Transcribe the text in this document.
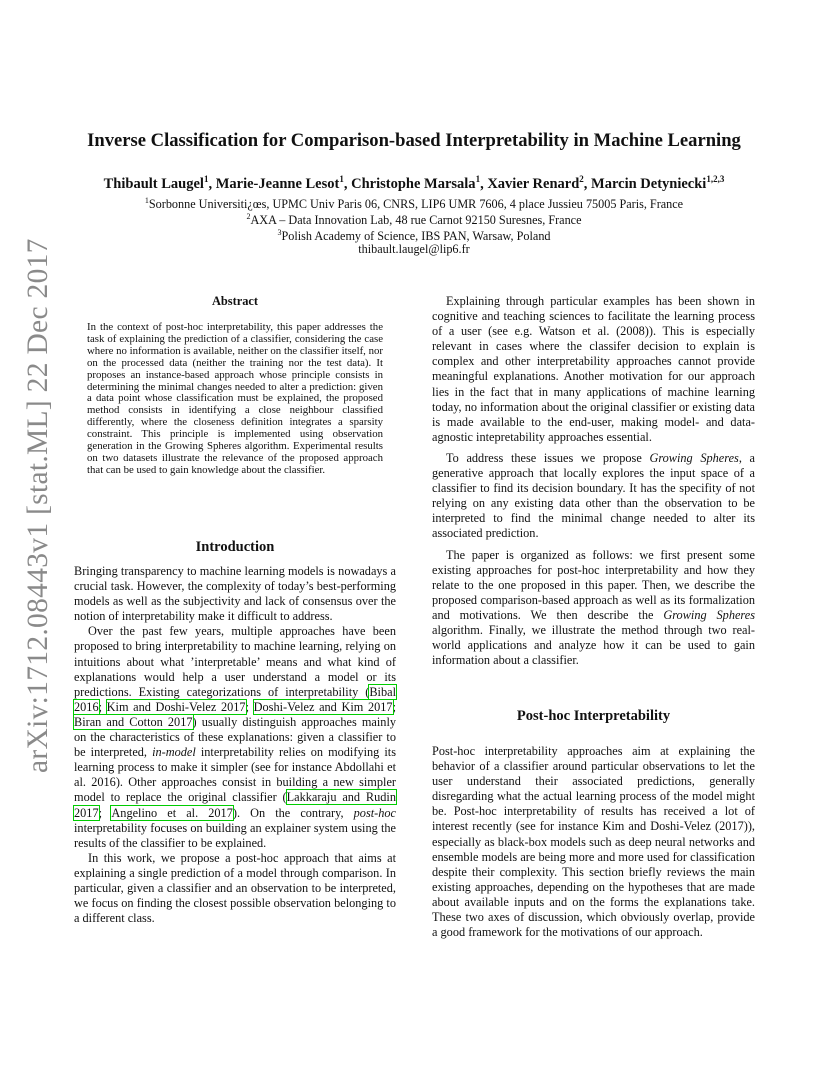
arXiv:1712.08443v1 [stat.ML] 22 Dec 2017
Inverse Classification for Comparison-based Interpretability in Machine Learning
Thibault Laugel$^1$, Marie-Jeanne Lesot$^1$, Christophe Marsala$^1$, Xavier Renard$^2$, Marcin Detyniecki$^{1,2,3}$
$^1$Sorbonne Universiti¿œs, UPMC Univ Paris 06, CNRS, LIP6 UMR 7606, 4 place Jussieu 75005 Paris, France
$^2$AXA – Data Innovation Lab, 48 rue Carnot 92150 Suresnes, France
$^3$Polish Academy of Science, IBS PAN, Warsaw, Poland
thibault.laugel@lip6.fr
Abstract

In the context of post-hoc interpretability, this paper addresses the task of explaining the prediction of a classifier, considering the case where no information is available, neither on the classifier itself, nor on the processed data (neither the training nor the test data). It proposes an instance-based approach whose principle consists in determining the minimal changes needed to alter a prediction: given a data point whose classification must be explained, the proposed method consists in identifying a close neighbour classified differently, where the closeness definition integrates a sparsity constraint. This principle is implemented using observation generation in the Growing Spheres algorithm. Experimental results on two datasets illustrate the relevance of the proposed approach that can be used to gain knowledge about the classifier.

Introduction

Bringing transparency to machine learning models is nowadays a crucial task. However, the complexity of today’s best-performing models as well as the subjectivity and lack of consensus over the notion of interpretability make it difficult to address.

Over the past few years, multiple approaches have been proposed to bring interpretability to machine learning, relying on intuitions about what ’interpretable’ means and what kind of explanations would help a user understand a model or its predictions. Existing categorizations of interpretability (Bibal 2016; Kim and Doshi-Velez 2017; Doshi-Velez and Kim 2017; Biran and Cotton 2017) usually distinguish approaches mainly on the characteristics of these explanations: given a classifier to be interpreted, in-model interpretability relies on modifying its learning process to make it simpler (see for instance Abdollahi et al. 2016). Other approaches consist in building a new simpler model to replace the original classifier (Lakkaraju and Rudin 2017; Angelino et al. 2017). On the contrary, post-hoc interpretability focuses on building an explainer system using the results of the classifier to be explained.

In this work, we propose a post-hoc approach that aims at explaining a single prediction of a model through comparison. In particular, given a classifier and an observation to be interpreted, we focus on finding the closest possible observation belonging to a different class.

Explaining through particular examples has been shown in cognitive and teaching sciences to facilitate the learning process of a user (see e.g. Watson et al. (2008)). This is especially relevant in cases where the classifer decision to explain is complex and other interpretability approaches cannot provide meaningful explanations. Another motivation for our approach lies in the fact that in many applications of machine learning today, no information about the original classifier or existing data is made available to the end-user, making model- and data-agnostic intepretability approaches essential.

To address these issues we propose Growing Spheres, a generative approach that locally explores the input space of a classifier to find its decision boundary. It has the specifity of not relying on any existing data other than the observation to be interpreted to find the minimal change needed to alter its associated prediction.

The paper is organized as follows: we first present some existing approaches for post-hoc interpretability and how they relate to the one proposed in this paper. Then, we describe the proposed comparison-based approach as well as its formalization and motivations. We then describe the Growing Spheres algorithm. Finally, we illustrate the method through two real-world applications and analyze how it can be used to gain information about a classifier.

Post-hoc Interpretability

Post-hoc interpretability approaches aim at explaining the behavior of a classifier around particular observations to let the user understand their associated predictions, generally disregarding what the actual learning process of the model might be. Post-hoc interpretability of results has received a lot of interest recently (see for instance Kim and Doshi-Velez (2017)), especially as black-box models such as deep neural networks and ensemble models are being more and more used for classification despite their complexity. This section briefly reviews the main existing approaches, depending on the hypotheses that are made about available inputs and on the forms the explanations take. These two axes of discussion, which obviously overlap, provide a good framework for the motivations of our approach.
